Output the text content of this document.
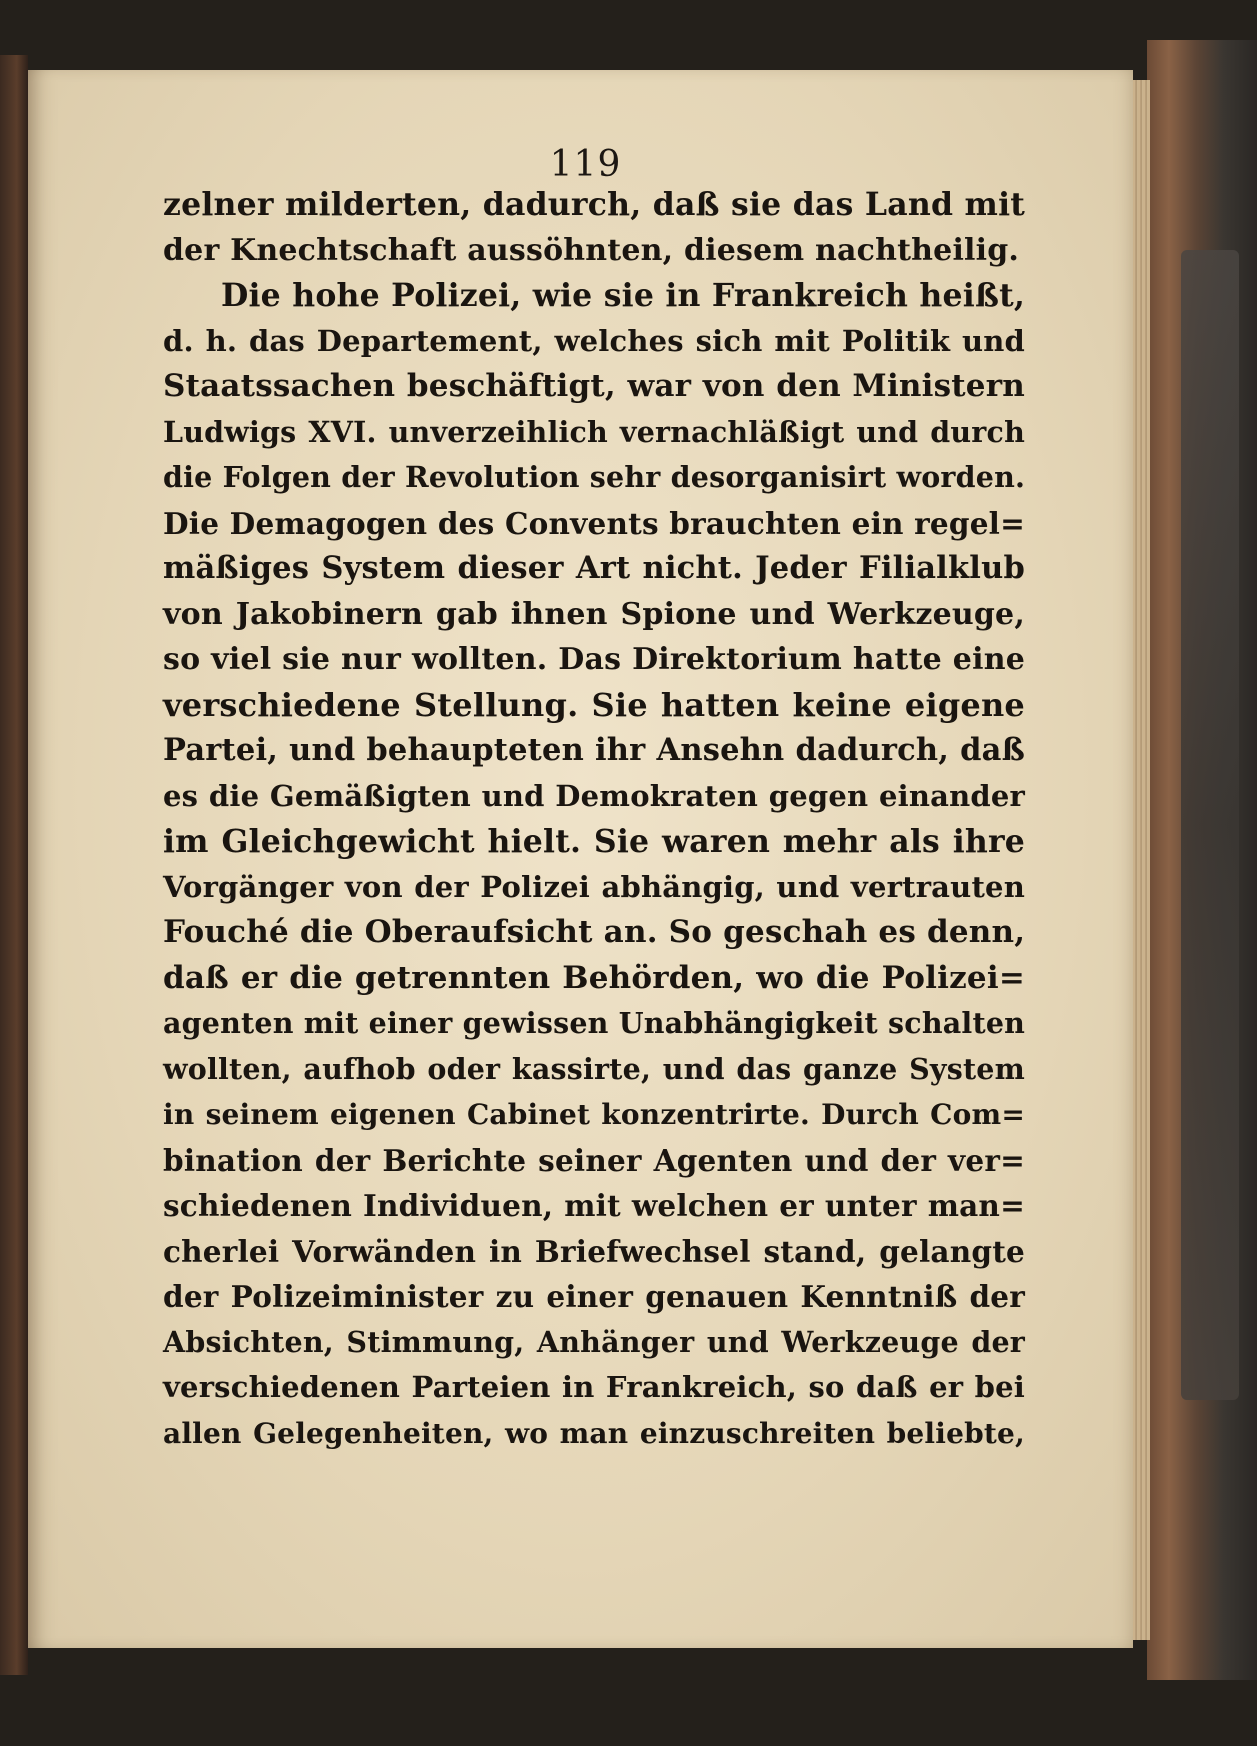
119
zelner milderten, dadurch, daß sie das Land mit
der Knechtschaft aussöhnten, diesem nachtheilig.
Die hohe Polizei, wie sie in Frankreich heißt,
d. h. das Departement, welches sich mit Politik und
Staatssachen beschäftigt, war von den Ministern
Ludwigs XVI. unverzeihlich vernachläßigt und durch
die Folgen der Revolution sehr desorganisirt worden.
Die Demagogen des Convents brauchten ein regel=
mäßiges System dieser Art nicht. Jeder Filialklub
von Jakobinern gab ihnen Spione und Werkzeuge,
so viel sie nur wollten. Das Direktorium hatte eine
verschiedene Stellung. Sie hatten keine eigene
Partei, und behaupteten ihr Ansehn dadurch, daß
es die Gemäßigten und Demokraten gegen einander
im Gleichgewicht hielt. Sie waren mehr als ihre
Vorgänger von der Polizei abhängig, und vertrauten
Fouché die Oberaufsicht an. So geschah es denn,
daß er die getrennten Behörden, wo die Polizei=
agenten mit einer gewissen Unabhängigkeit schalten
wollten, aufhob oder kassirte, und das ganze System
in seinem eigenen Cabinet konzentrirte. Durch Com=
bination der Berichte seiner Agenten und der ver=
schiedenen Individuen, mit welchen er unter man=
cherlei Vorwänden in Briefwechsel stand, gelangte
der Polizeiminister zu einer genauen Kenntniß der
Absichten, Stimmung, Anhänger und Werkzeuge der
verschiedenen Parteien in Frankreich, so daß er bei
allen Gelegenheiten, wo man einzuschreiten beliebte,
